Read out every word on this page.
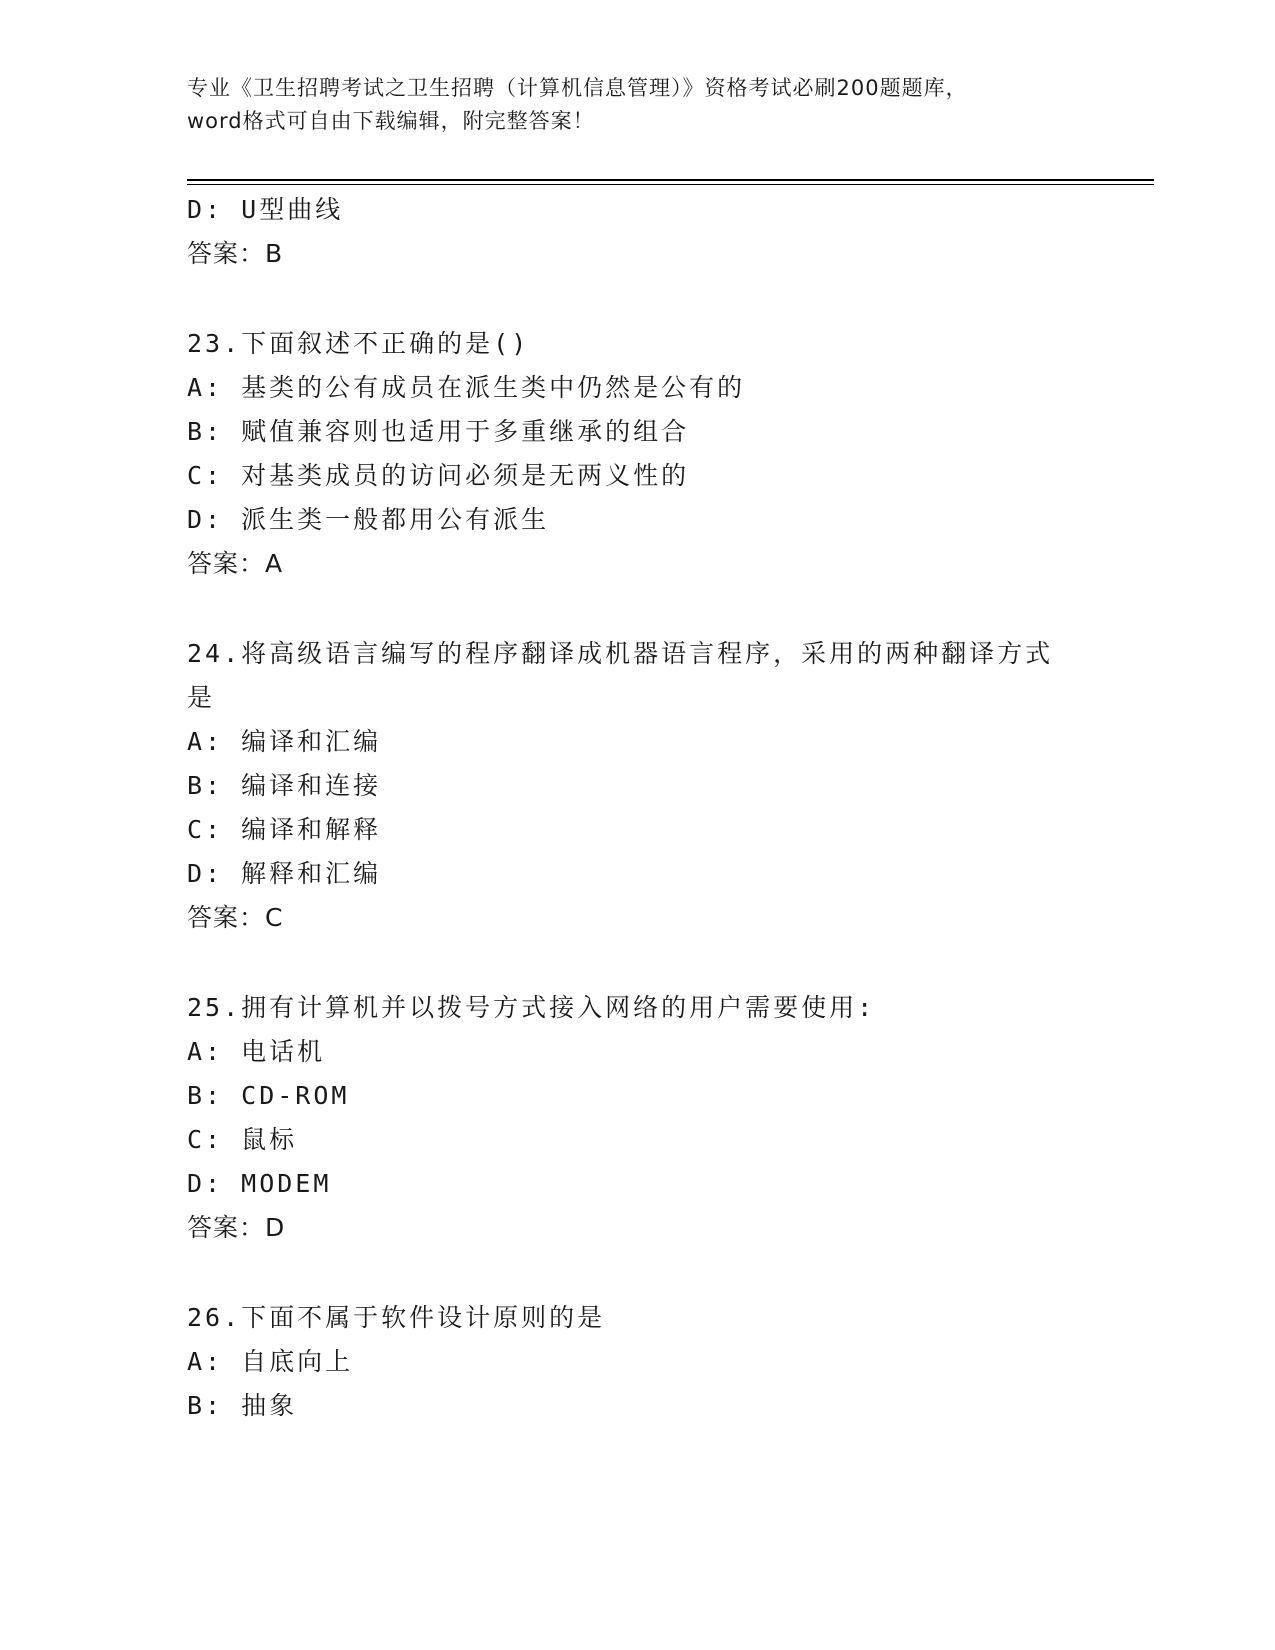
专业《卫生招聘考试之卫生招聘（计算机信息管理）》资格考试必刷200题题库，
word格式可自由下载编辑，附完整答案！
D: U型曲线
答案：B
23.下面叙述不正确的是()
A: 基类的公有成员在派生类中仍然是公有的
B: 赋值兼容则也适用于多重继承的组合
C: 对基类成员的访问必须是无两义性的
D: 派生类一般都用公有派生
答案：A
24.将高级语言编写的程序翻译成机器语言程序，采用的两种翻译方式
是
A: 编译和汇编
B: 编译和连接
C: 编译和解释
D: 解释和汇编
答案：C
25.拥有计算机并以拨号方式接入网络的用户需要使用:
A: 电话机
B: CD-ROM
C: 鼠标
D: MODEM
答案：D
26.下面不属于软件设计原则的是
A: 自底向上
B: 抽象
